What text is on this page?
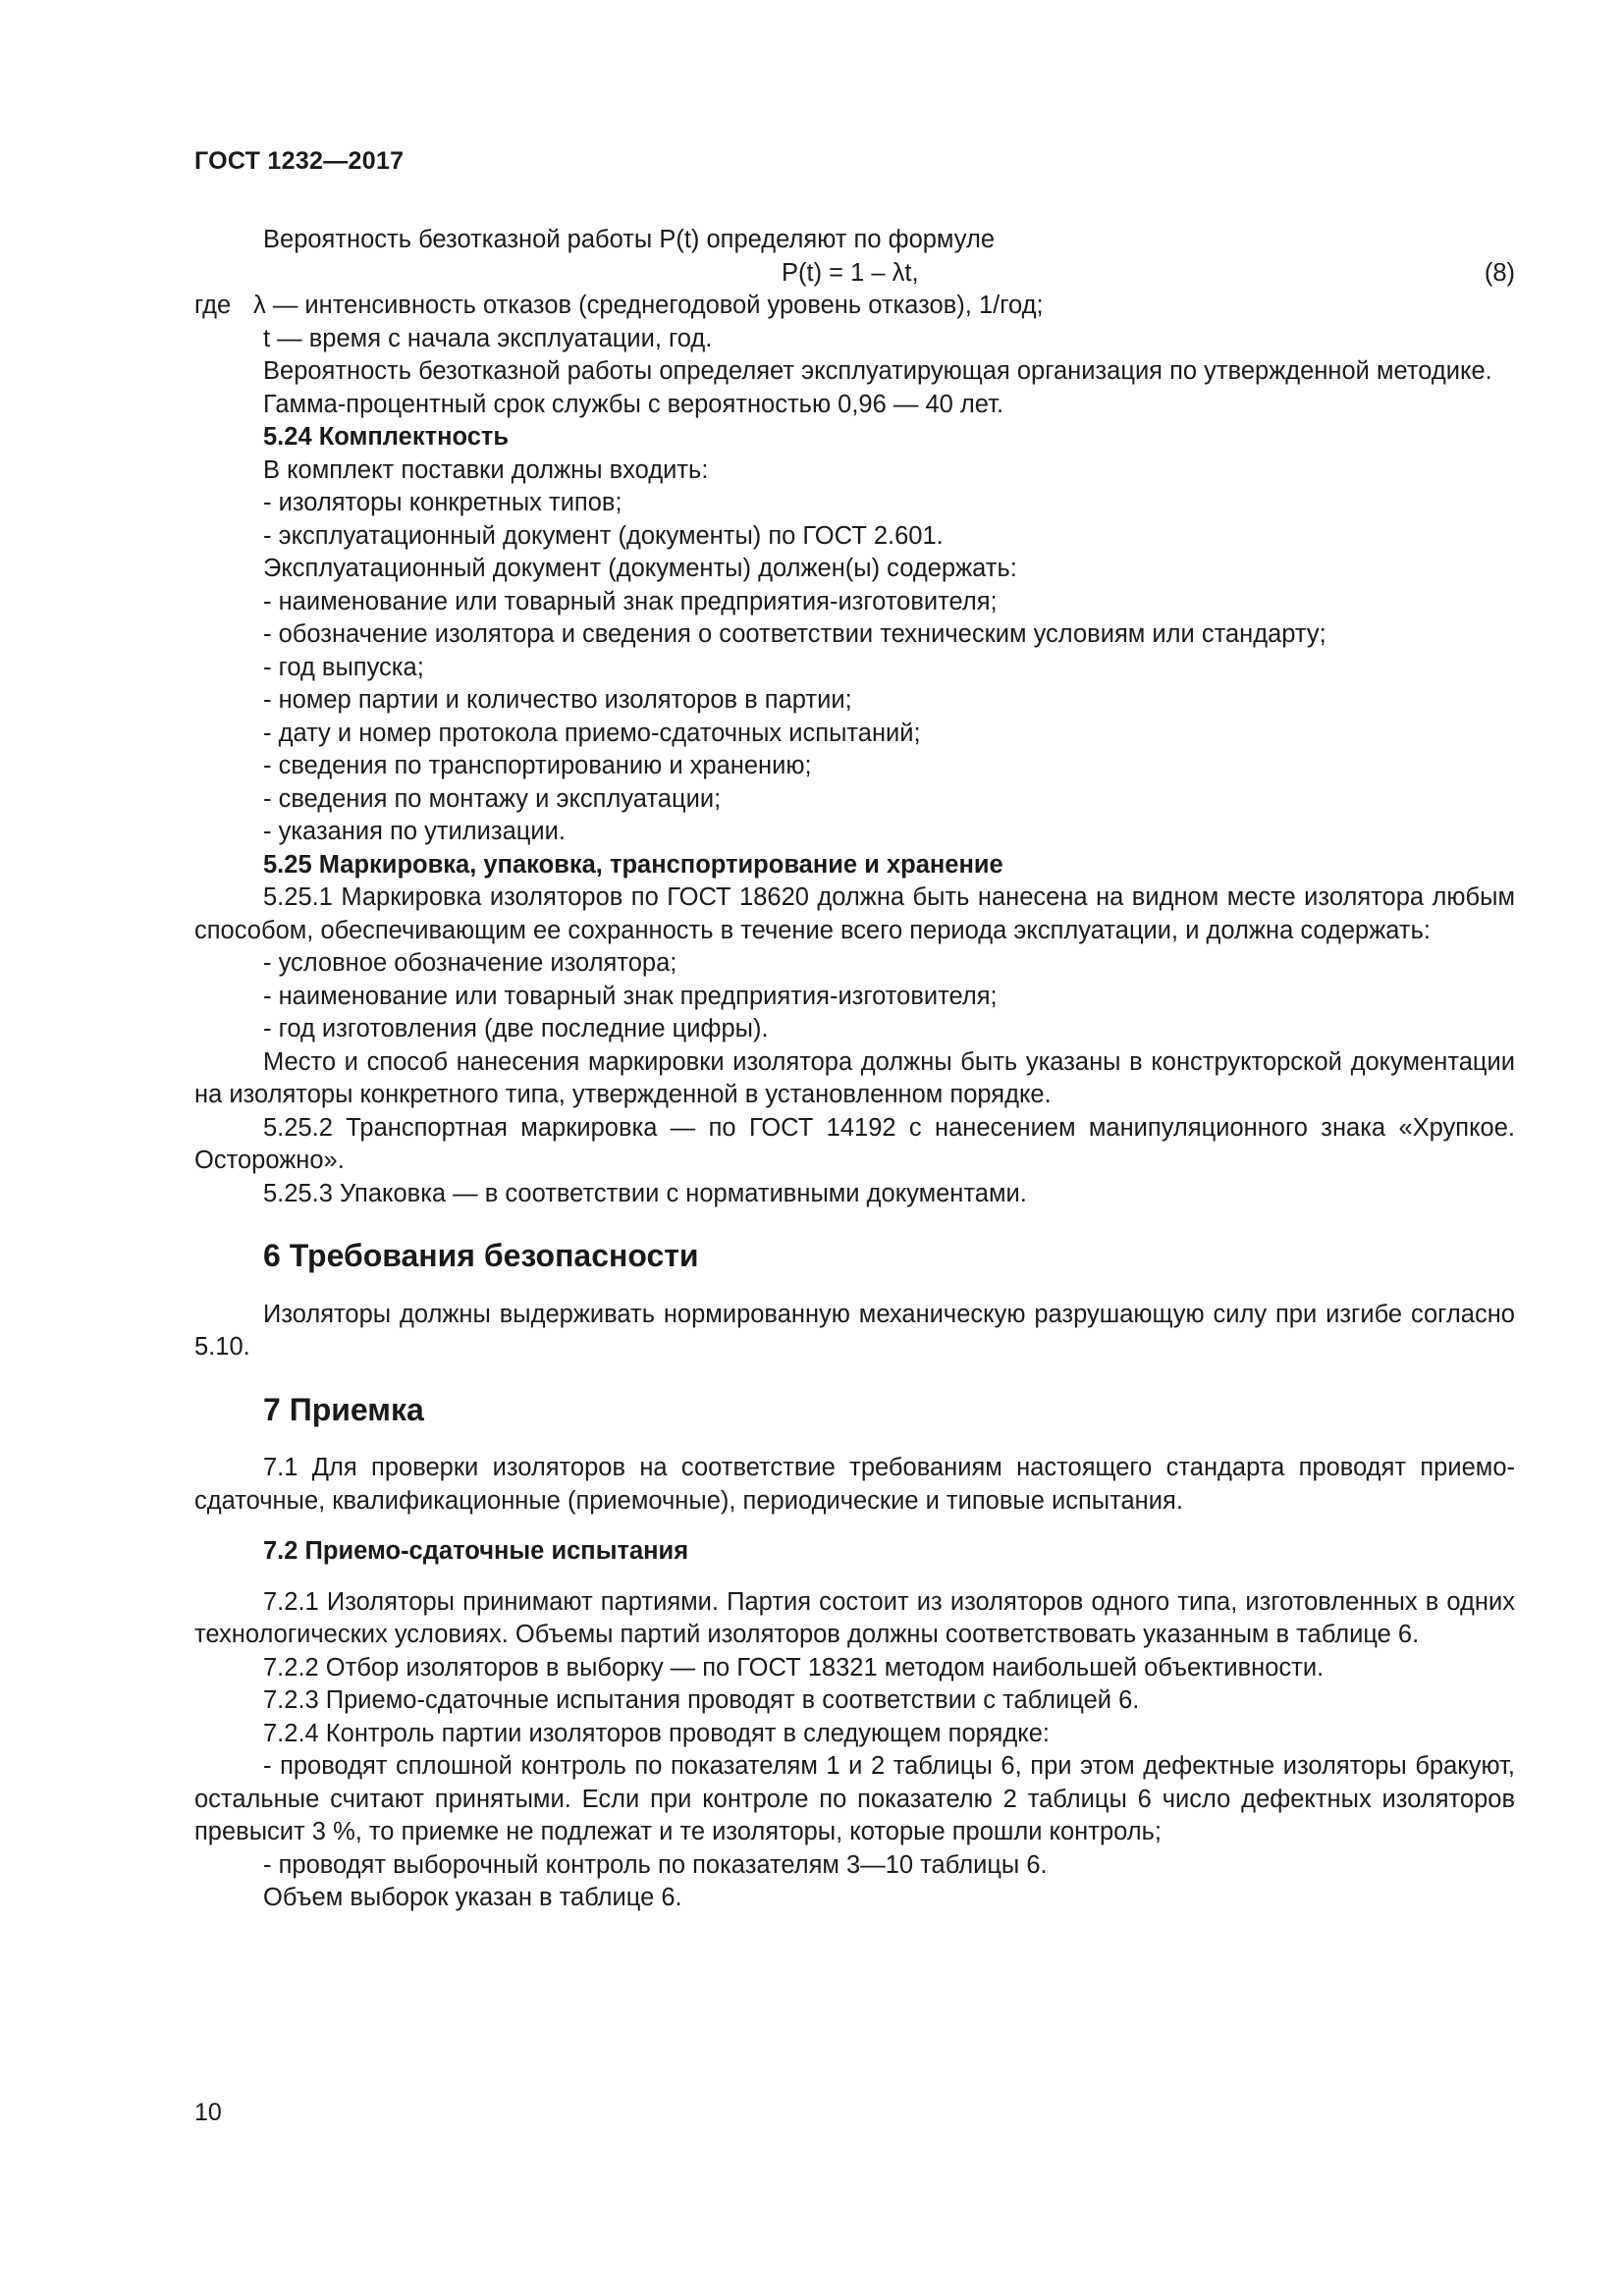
ГОСТ 1232—2017

Вероятность безотказной работы P(t) определяют по формуле

P(t) = 1 – λt,	(8)
где λ — интенсивность отказов (среднегодовой уровень отказов), 1/год;
t — время с начала эксплуатации, год.

Вероятность безотказной работы определяет эксплуатирующая организация по утвержденной методике.

Гамма-процентный срок службы с вероятностью 0,96 — 40 лет.

5.24 Комплектность

В комплект поставки должны входить:

- изоляторы конкретных типов;

- эксплуатационный документ (документы) по ГОСТ 2.601.

Эксплуатационный документ (документы) должен(ы) содержать:

- наименование или товарный знак предприятия-изготовителя;

- обозначение изолятора и сведения о соответствии техническим условиям или стандарту;

- год выпуска;

- номер партии и количество изоляторов в партии;

- дату и номер протокола приемо-сдаточных испытаний;

- сведения по транспортированию и хранению;

- сведения по монтажу и эксплуатации;

- указания по утилизации.

5.25 Маркировка, упаковка, транспортирование и хранение

5.25.1 Маркировка изоляторов по ГОСТ 18620 должна быть нанесена на видном месте изолятора любым способом, обеспечивающим ее сохранность в течение всего периода эксплуатации, и должна содержать:

- условное обозначение изолятора;

- наименование или товарный знак предприятия-изготовителя;

- год изготовления (две последние цифры).

Место и способ нанесения маркировки изолятора должны быть указаны в конструкторской документации на изоляторы конкретного типа, утвержденной в установленном порядке.

5.25.2 Транспортная маркировка — по ГОСТ 14192 с нанесением манипуляционного знака «Хрупкое. Осторожно».

5.25.3 Упаковка — в соответствии с нормативными документами.

6 Требования безопасности

Изоляторы должны выдерживать нормированную механическую разрушающую силу при изгибе согласно 5.10.

7 Приемка

7.1 Для проверки изоляторов на соответствие требованиям настоящего стандарта проводят приемо-сдаточные, квалификационные (приемочные), периодические и типовые испытания.

7.2 Приемо-сдаточные испытания

7.2.1 Изоляторы принимают партиями. Партия состоит из изоляторов одного типа, изготовленных в одних технологических условиях. Объемы партий изоляторов должны соответствовать указанным в таблице 6.

7.2.2 Отбор изоляторов в выборку — по ГОСТ 18321 методом наибольшей объективности.

7.2.3 Приемо-сдаточные испытания проводят в соответствии с таблицей 6.

7.2.4 Контроль партии изоляторов проводят в следующем порядке:

- проводят сплошной контроль по показателям 1 и 2 таблицы 6, при этом дефектные изоляторы бракуют, остальные считают принятыми. Если при контроле по показателю 2 таблицы 6 число дефектных изоляторов превысит 3 %, то приемке не подлежат и те изоляторы, которые прошли контроль;

- проводят выборочный контроль по показателям 3—10 таблицы 6.

Объем выборок указан в таблице 6.

10
